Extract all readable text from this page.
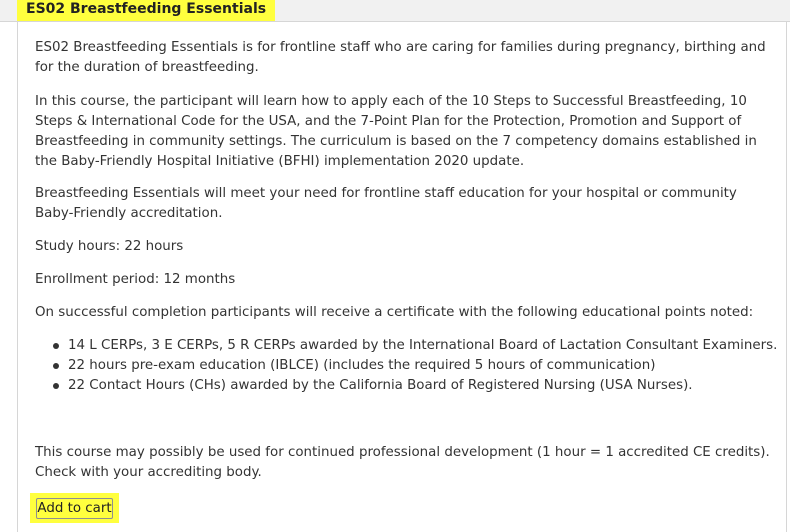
ES02 Breastfeeding Essentials

ES02 Breastfeeding Essentials is for frontline staff who are caring for families during pregnancy, birthing and for the duration of breastfeeding.

In this course, the participant will learn how to apply each of the 10 Steps to Successful Breastfeeding, 10 Steps & International Code for the USA, and the 7-Point Plan for the Protection, Promotion and Support of Breastfeeding in community settings. The curriculum is based on the 7 competency domains established in the Baby-Friendly Hospital Initiative (BFHI) implementation 2020 update.

Breastfeeding Essentials will meet your need for frontline staff education for your hospital or community Baby-Friendly accreditation.

Study hours: 22 hours

Enrollment period: 12 months

On successful completion participants will receive a certificate with the following educational points noted:

14 L CERPs, 3 E CERPs, 5 R CERPs awarded by the International Board of Lactation Consultant Examiners.
22 hours pre-exam education (IBLCE) (includes the required 5 hours of communication)
22 Contact Hours (CHs) awarded by the California Board of Registered Nursing (USA Nurses).

This course may possibly be used for continued professional development (1 hour = 1 accredited CE credits). Check with your accrediting body.

Add to cart
